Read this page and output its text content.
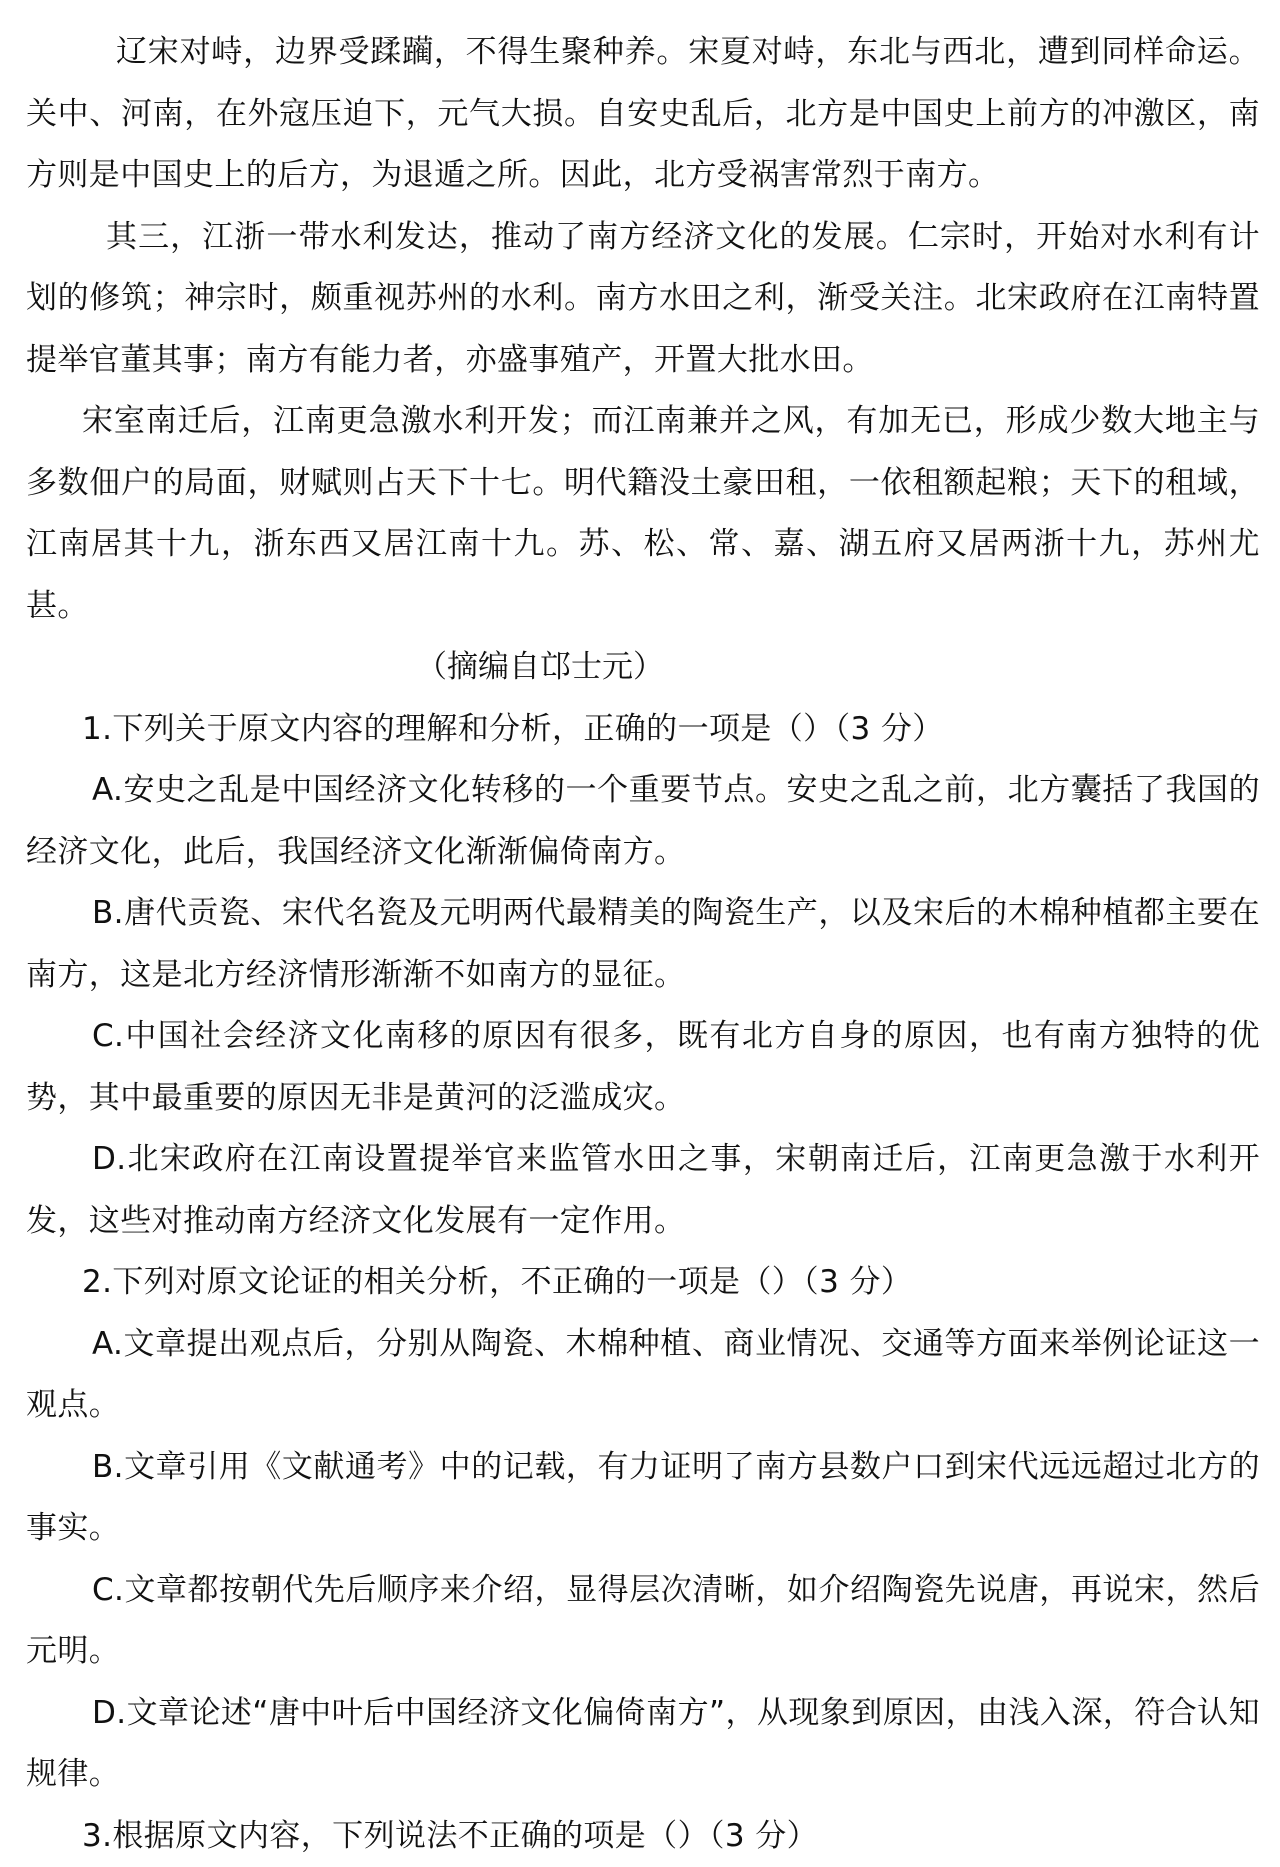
辽宋对峙，边界受蹂躏，不得生聚种养。宋夏对峙，东北与西北，遭到同样命运。关中、河南，在外寇压迫下，元气大损。自安史乱后，北方是中国史上前方的冲激区，南方则是中国史上的后方，为退遁之所。因此，北方受祸害常烈于南方。

其三，江浙一带水利发达，推动了南方经济文化的发展。仁宗时，开始对水利有计划的修筑；神宗时，颇重视苏州的水利。南方水田之利，渐受关注。北宋政府在江南特置提举官董其事；南方有能力者，亦盛事殖产，开置大批水田。

宋室南迁后，江南更急激水利开发；而江南兼并之风，有加无已，形成少数大地主与多数佃户的局面，财赋则占天下十七。明代籍没土豪田租，一依租额起粮；天下的租域，江南居其十九，浙东西又居江南十九。苏、松、常、嘉、湖五府又居两浙十九，苏州尤甚。

（摘编自邙士元）

1.下列关于原文内容的理解和分析，正确的一项是（）（3 分）

A.安史之乱是中国经济文化转移的一个重要节点。安史之乱之前，北方囊括了我国的经济文化，此后，我国经济文化渐渐偏倚南方。

B.唐代贡瓷、宋代名瓷及元明两代最精美的陶瓷生产，以及宋后的木棉种植都主要在南方，这是北方经济情形渐渐不如南方的显征。

C.中国社会经济文化南移的原因有很多，既有北方自身的原因，也有南方独特的优势，其中最重要的原因无非是黄河的泛滥成灾。

D.北宋政府在江南设置提举官来监管水田之事，宋朝南迁后，江南更急激于水利开发，这些对推动南方经济文化发展有一定作用。

2.下列对原文论证的相关分析，不正确的一项是（）（3 分）

A.文章提出观点后，分别从陶瓷、木棉种植、商业情况、交通等方面来举例论证这一观点。

B.文章引用《文献通考》中的记载，有力证明了南方县数户口到宋代远远超过北方的事实。

C.文章都按朝代先后顺序来介绍，显得层次清晰，如介绍陶瓷先说唐，再说宋，然后元明。

D.文章论述“唐中叶后中国经济文化偏倚南方”，从现象到原因，由浅入深，符合认知规律。

3.根据原文内容，下列说法不正确的项是（）（3 分）
